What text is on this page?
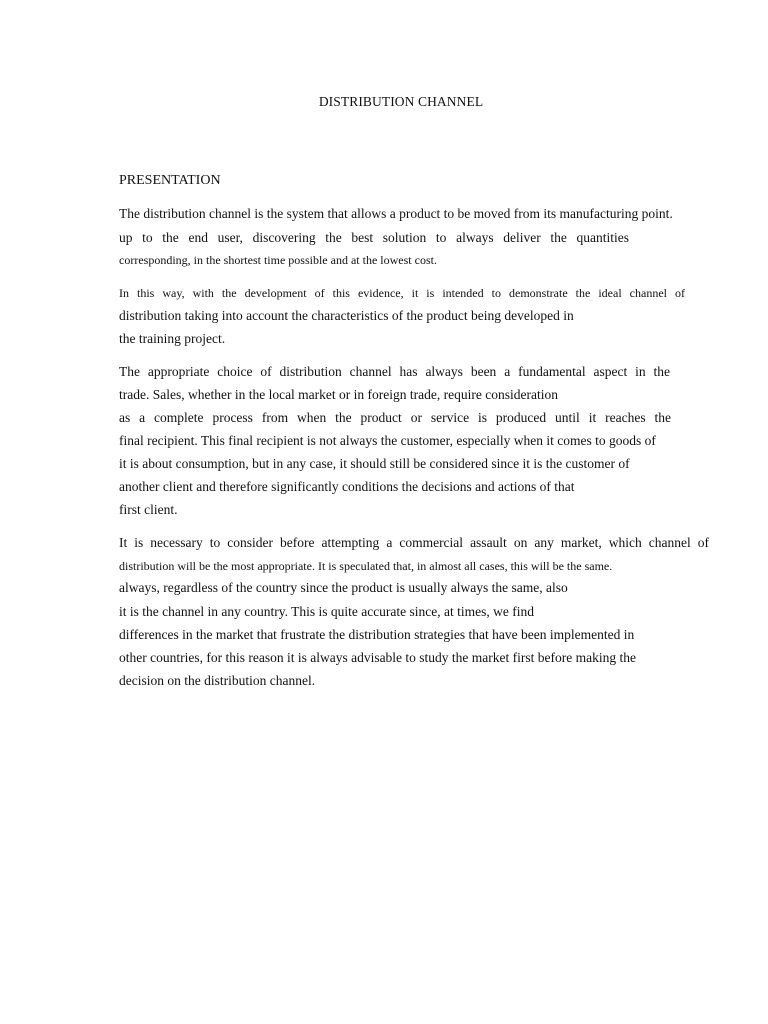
DISTRIBUTION CHANNEL
PRESENTATION
The distribution channel is the system that allows a product to be moved from its manufacturing point.
up to the end user, discovering the best solution to always deliver the quantities
corresponding, in the shortest time possible and at the lowest cost.
In this way, with the development of this evidence, it is intended to demonstrate the ideal channel of
distribution taking into account the characteristics of the product being developed in
the training project.
The appropriate choice of distribution channel has always been a fundamental aspect in the
trade. Sales, whether in the local market or in foreign trade, require consideration
as a complete process from when the product or service is produced until it reaches the
final recipient. This final recipient is not always the customer, especially when it comes to goods of
it is about consumption, but in any case, it should still be considered since it is the customer of
another client and therefore significantly conditions the decisions and actions of that
first client.
It is necessary to consider before attempting a commercial assault on any market, which channel of
distribution will be the most appropriate. It is speculated that, in almost all cases, this will be the same.
always, regardless of the country since the product is usually always the same, also
it is the channel in any country. This is quite accurate since, at times, we find
differences in the market that frustrate the distribution strategies that have been implemented in
other countries, for this reason it is always advisable to study the market first before making the
decision on the distribution channel.
